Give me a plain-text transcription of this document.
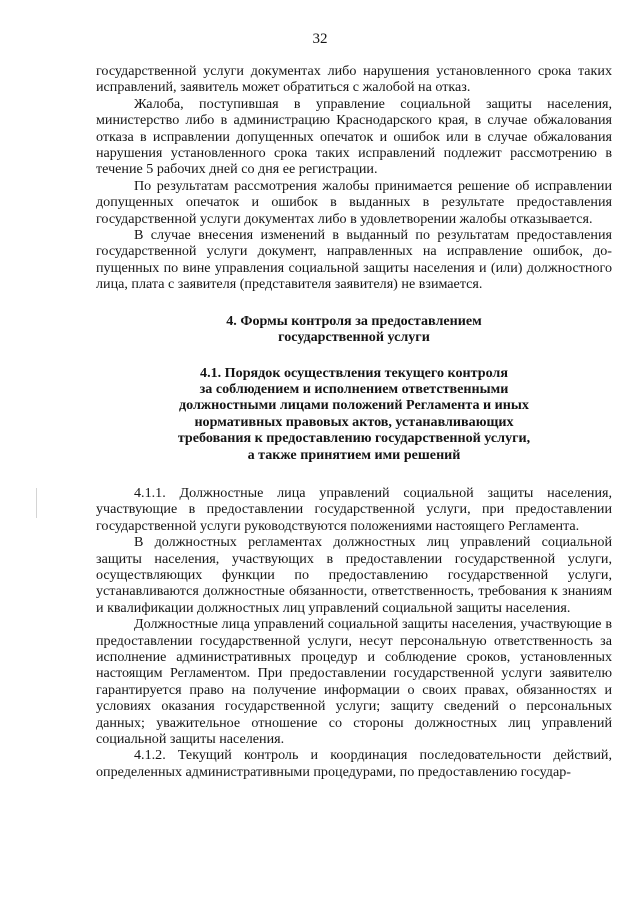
32

государственной услуги документах либо нарушения установленного срока таких исправлений, заявитель может обратиться с жалобой на отказ.

Жалоба, поступившая в управление социальной защиты населения, министерство либо в администрацию Краснодарского края, в случае обжалования отказа в исправлении допущенных опечаток и ошибок или в случае обжалования нарушения установленного срока таких исправлений подлежит рассмотрению в течение 5 рабочих дней со дня ее регистрации.

По результатам рассмотрения жалобы принимается решение об исправлении допущенных опечаток и ошибок в выданных в результате предоставления государственной услуги документах либо в удовлетворении жалобы отказывается.

В случае внесения изменений в выданный по результатам предоставления государственной услуги документ, направленных на исправление ошибок, допущенных по вине управления социальной защиты населения и (или) должностного лица, плата с заявителя (представителя заявителя) не взимается.

4. Формы контроля за предоставлением
государственной услуги
4.1. Порядок осуществления текущего контроля
за соблюдением и исполнением ответственными
должностными лицами положений Регламента и иных
нормативных правовых актов, устанавливающих
требования к предоставлению государственной услуги,
а также принятием ими решений

4.1.1. Должностные лица управлений социальной защиты населения, участвующие в предоставлении государственной услуги, при предоставлении государственной услуги руководствуются положениями настоящего Регламента.

В должностных регламентах должностных лиц управлений социальной защиты населения, участвующих в предоставлении государственной услуги, осуществляющих функции по предоставлению государственной услуги, устанавливаются должностные обязанности, ответственность, требования к знаниям и квалификации должностных лиц управлений социальной защиты населения.

Должностные лица управлений социальной защиты населения, участвующие в предоставлении государственной услуги, несут персональную ответственность за исполнение административных процедур и соблюдение сроков, установленных настоящим Регламентом. При предоставлении государственной услуги заявителю гарантируется право на получение информации о своих правах, обязанностях и условиях оказания государственной услуги; защиту сведений о персональных данных; уважительное отношение со стороны должностных лиц управлений социальной защиты населения.

4.1.2. Текущий контроль и координация последовательности действий, определенных административными процедурами, по предоставлению государ-
